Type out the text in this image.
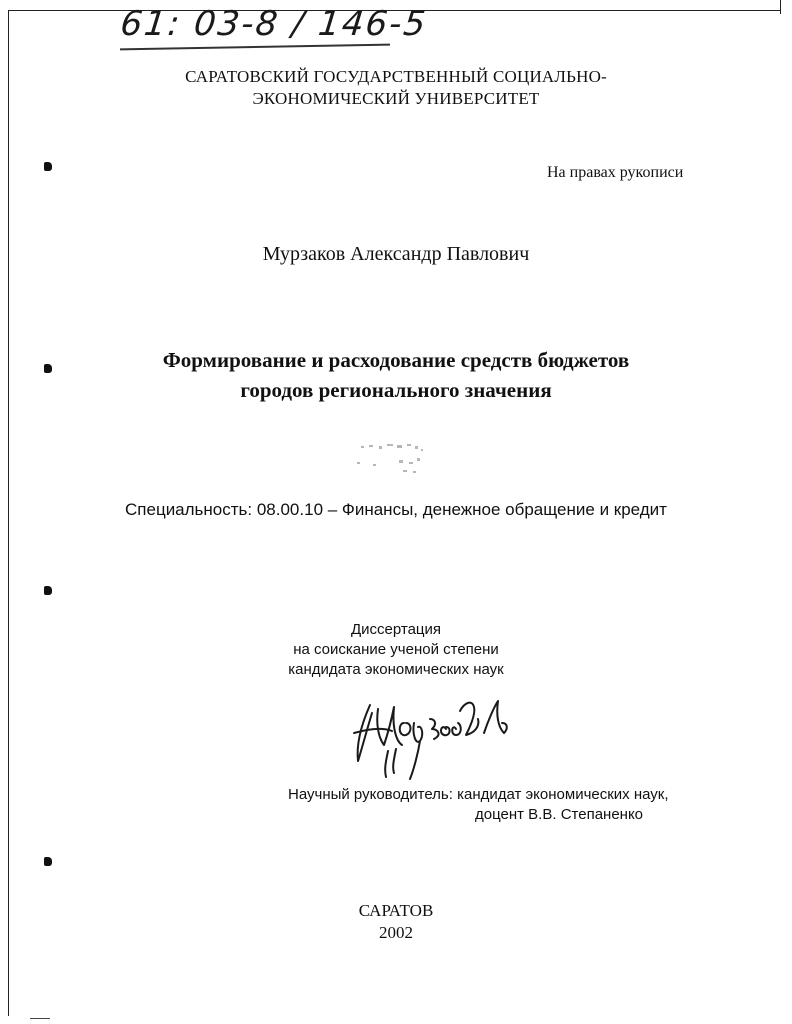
61: 03-8 / 146-5
САРАТОВСКИЙ ГОСУДАРСТВЕННЫЙ СОЦИАЛЬНО-
ЭКОНОМИЧЕСКИЙ УНИВЕРСИТЕТ
На правах рукописи
Мурзаков Александр Павлович
Формирование и расходование средств бюджетов
городов регионального значения
Специальность: 08.00.10 – Финансы, денежное обращение и кредит
Диссертация
на соискание ученой степени
кандидата экономических наук
Научный руководитель: кандидат экономических наук,
доцент В.В. Степаненко
САРАТОВ
2002
